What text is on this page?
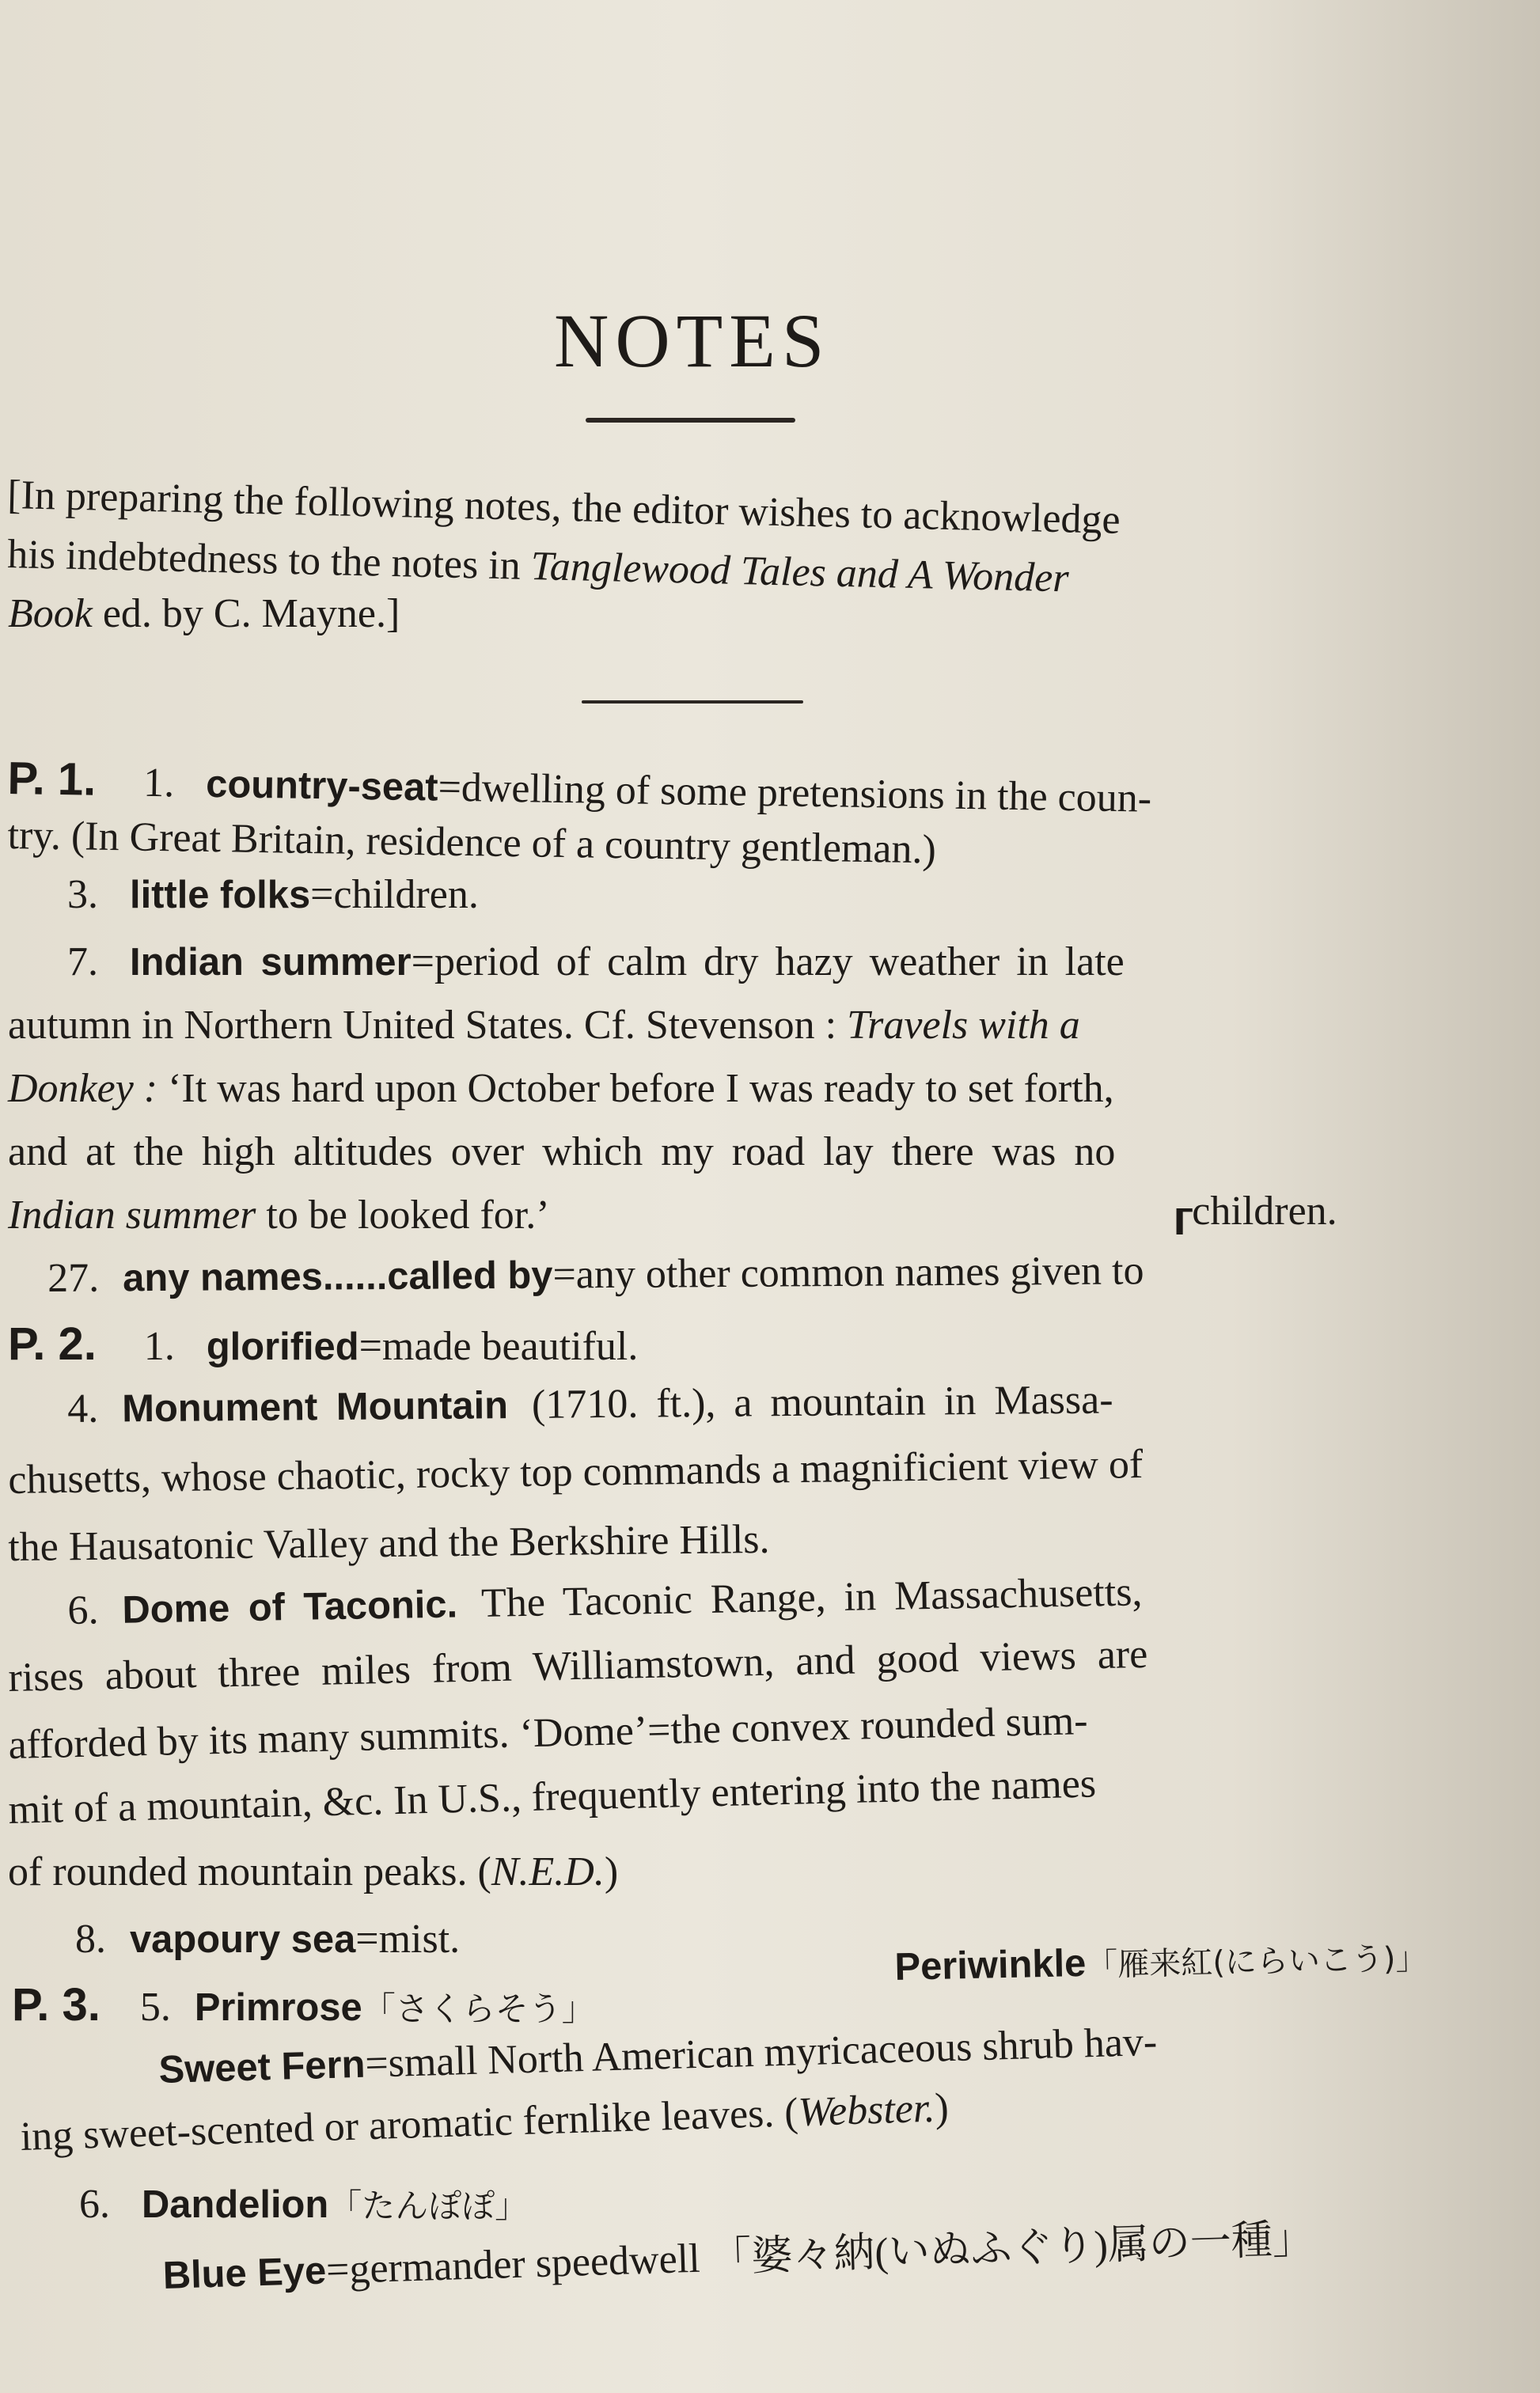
NOTES
[In preparing the following notes, the editor wishes to acknowledge
his indebtedness to the notes in Tanglewood Tales and A Wonder
Book ed. by C. Mayne.]
P. 1. 1. country-seat=dwelling of some pretensions in the coun-
try. (In Great Britain, residence of a country gentleman.)
3. little folks=children.
7. Indian summer=period of calm dry hazy weather in late
autumn in Northern United States. Cf. Stevenson : Travels with a
Donkey : ‘It was hard upon October before I was ready to set forth,
and at the high altitudes over which my road lay there was no
Indian summer to be looked for.’	┎children.
27. any names......called by=any other common names given to
P. 2. 1. glorified=made beautiful.
4. Monument Mountain (1710. ft.), a mountain in Massa-
chusetts, whose chaotic, rocky top commands a magnificient view of
the Hausatonic Valley and the Berkshire Hills.
6. Dome of Taconic. The Taconic Range, in Massachusetts,
rises about three miles from Williamstown, and good views are
afforded by its many summits. ‘Dome’=the convex rounded sum-
mit of a mountain, &c. In U.S., frequently entering into the names
of rounded mountain peaks. (N.E.D.)
8. vapoury sea=mist.
Periwinkle「雁来紅(にらいこう)」
P. 3. 5. Primrose「さくらそう」
Sweet Fern=small North American myricaceous shrub hav-
ing sweet-scented or aromatic fernlike leaves. (Webster.)
6. Dandelion「たんぽぽ」
Blue Eye=germander speedwell 「婆々納(いぬふぐり)属の一種」
